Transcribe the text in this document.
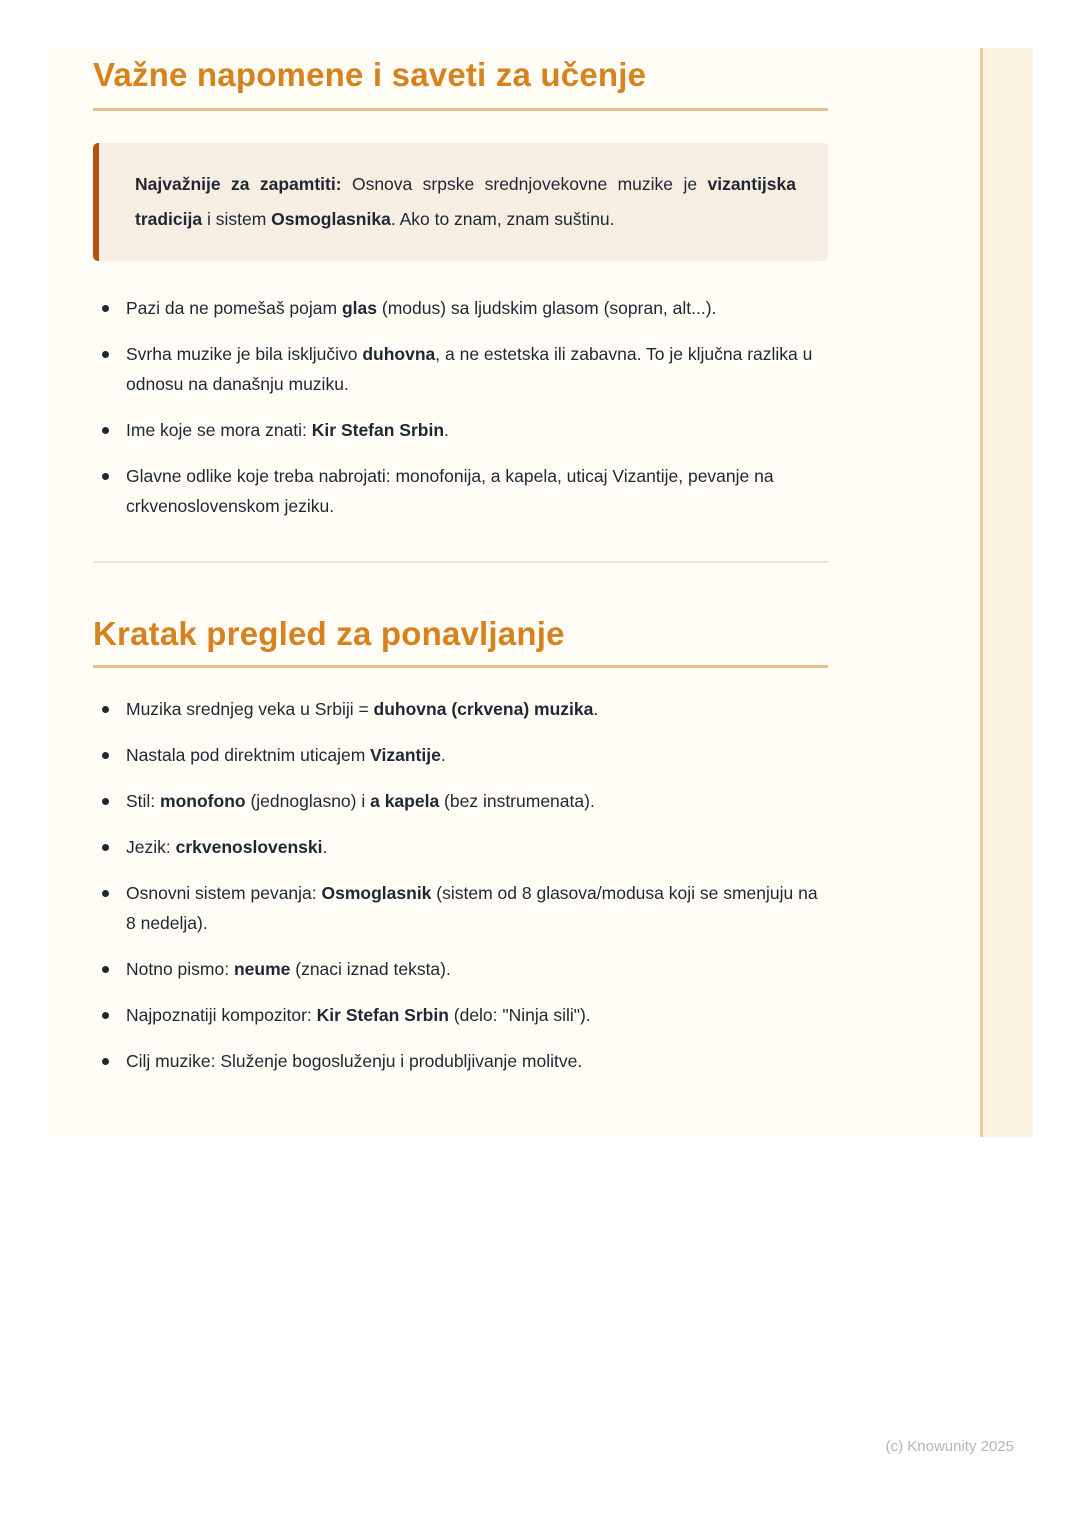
Važne napomene i saveti za učenje
Najvažnije za zapamtiti: Osnova srpske srednjovekovne muzike je vizantijska tradicija i sistem Osmoglasnika. Ako to znam, znam suštinu.
Pazi da ne pomešaš pojam glas (modus) sa ljudskim glasom (sopran, alt...).
Svrha muzike je bila isključivo duhovna, a ne estetska ili zabavna. To je ključna razlika u odnosu na današnju muziku.
Ime koje se mora znati: Kir Stefan Srbin.
Glavne odlike koje treba nabrojati: monofonija, a kapela, uticaj Vizantije, pevanje na crkvenoslovenskom jeziku.
Kratak pregled za ponavljanje
Muzika srednjeg veka u Srbiji = duhovna (crkvena) muzika.
Nastala pod direktnim uticajem Vizantije.
Stil: monofono (jednoglasno) i a kapela (bez instrumenata).
Jezik: crkvenoslovenski.
Osnovni sistem pevanja: Osmoglasnik (sistem od 8 glasova/modusa koji se smenjuju na 8 nedelja).
Notno pismo: neume (znaci iznad teksta).
Najpoznatiji kompozitor: Kir Stefan Srbin (delo: "Ninja sili").
Cilj muzike: Služenje bogosluženju i produbljivanje molitve.
(c) Knowunity 2025
